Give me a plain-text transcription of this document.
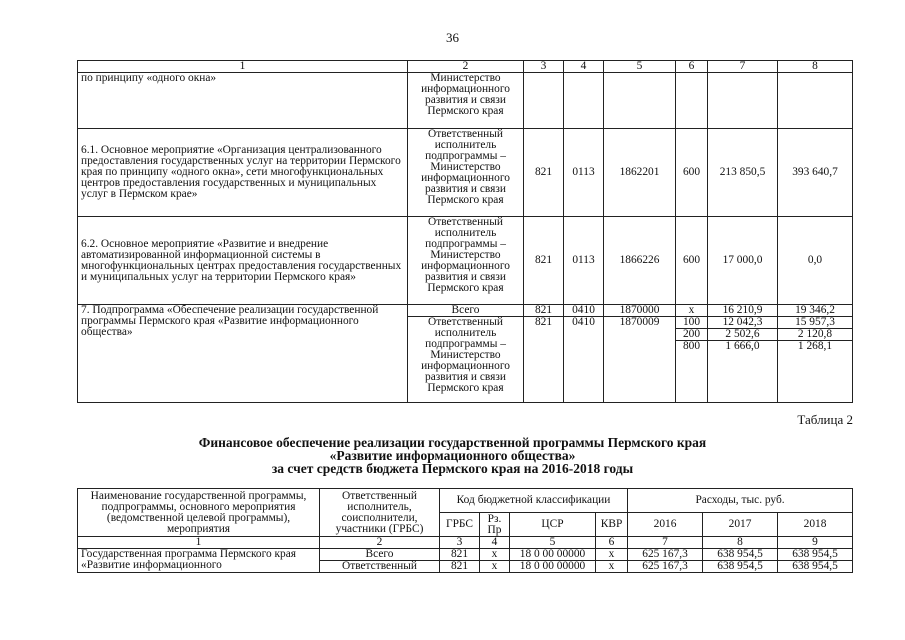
36
1	2	3	4	5	6	7	8
по принципу «одного окна»	Министерство информационного развития и связи Пермского края						
6.1. Основное мероприятие «Организация централизованного предоставления государственных услуг на территории Пермского края по принципу «одного окна», сети многофункциональных центров предоставления государственных и муниципальных услуг в Пермском крае»	Ответственный исполнитель подпрограммы – Министерство информационного развития и связи Пермского края	821	0113	1862201	600	213 850,5	393 640,7
6.2. Основное мероприятие «Развитие и внедрение автоматизированной информационной системы в многофункциональных центрах предоставления государственных и муниципальных услуг на территории Пермского края»	Ответственный исполнитель подпрограммы – Министерство информационного развития и связи Пермского края	821	0113	1866226	600	17 000,0	0,0
7. Подпрограмма «Обеспечение реализации государственной программы Пермского края «Развитие информационного общества»	Всего	821	0410	1870000	х	16 210,9	19 346,2
	Ответственный исполнитель подпрограммы – Министерство информационного развития и связи Пермского края	821	0410	1870009	100	12 042,3	15 957,3
					200	2 502,6	2 120,8
					800	1 666,0	1 268,1
Таблица 2
Финансовое обеспечение реализации государственной программы Пермского края
«Развитие информационного общества»
за счет средств бюджета Пермского края на 2016-2018 годы
Наименование государственной программы, подпрограммы, основного мероприятия (ведомственной целевой программы), мероприятия	Ответственный исполнитель, соисполнители, участники (ГРБС)	Код бюджетной классификации				Расходы, тыс. руб.		
		ГРБС	Рз. Пр	ЦСР	КВР	2016	2017	2018
1	2	3	4	5	6	7	8	9
Государственная программа Пермского края «Развитие информационного	Всего	821	х	18 0 00 00000	х	625 167,3	638 954,5	638 954,5
	Ответственный	821	х	18 0 00 00000	х	625 167,3	638 954,5	638 954,5
